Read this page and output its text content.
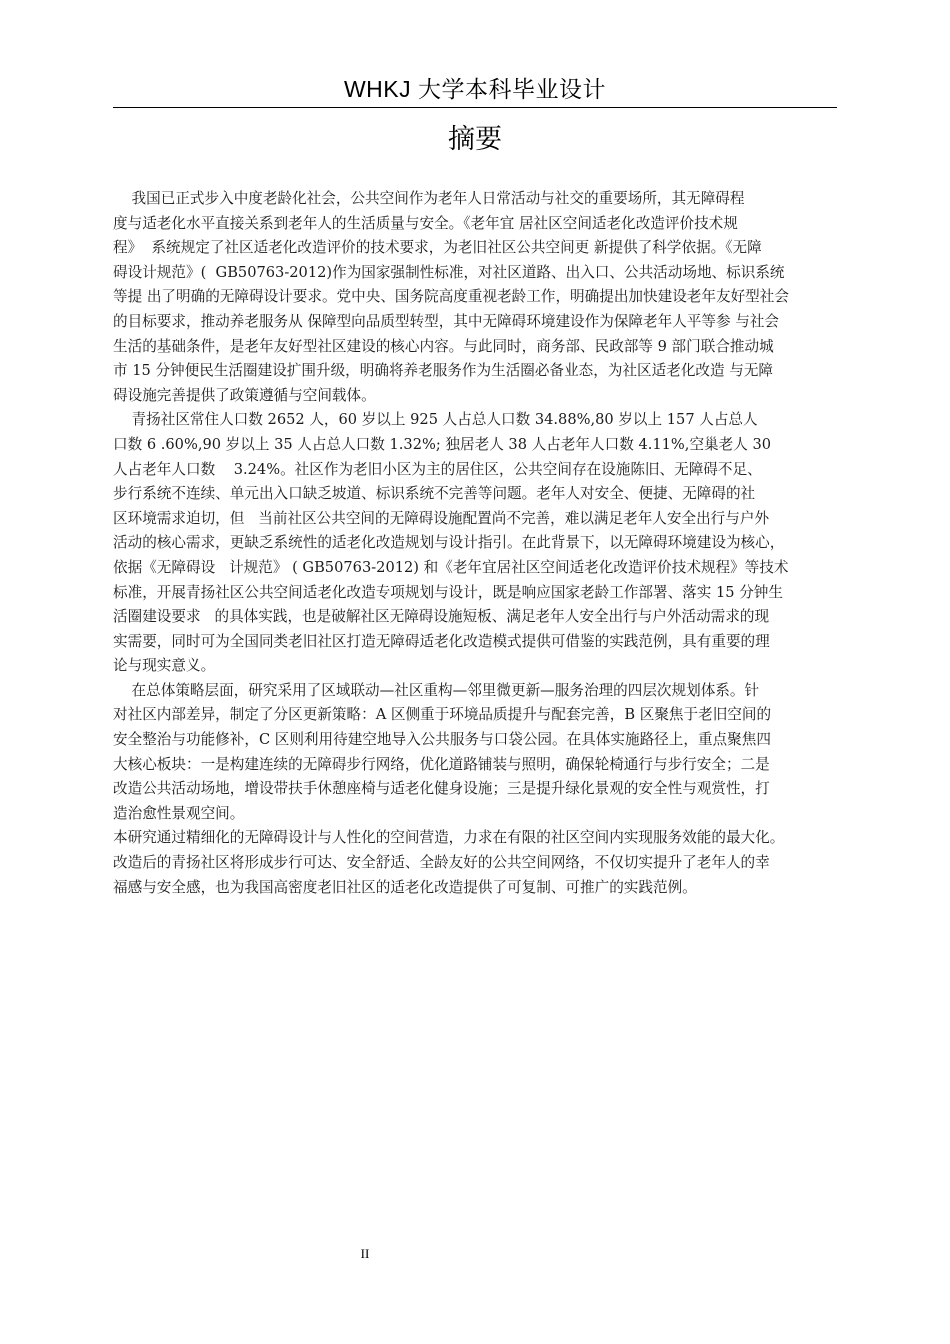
WHKJ 大学本科毕业设计
摘要
我国已正式步入中度老龄化社会，公共空间作为老年人日常活动与社交的重要场所，其无障碍程
度与适老化水平直接关系到老年人的生活质量与安全。《老年宜 居社区空间适老化改造评价技术规
程》  系统规定了社区适老化改造评价的技术要求，为老旧社区公共空间更 新提供了科学依据。《无障
碍设计规范》(  GB50763-2012)作为国家强制性标准，对社区道路、出入口、公共活动场地、标识系统
等提 出了明确的无障碍设计要求。党中央、国务院高度重视老龄工作，明确提出加快建设老年友好型社会
的目标要求，推动养老服务从 保障型向品质型转型，其中无障碍环境建设作为保障老年人平等参 与社会
生活的基础条件，是老年友好型社区建设的核心内容。与此同时，商务部、民政部等 9 部门联合推动城
市 15 分钟便民生活圈建设扩围升级，明确将养老服务作为生活圈必备业态，为社区适老化改造 与无障
碍设施完善提供了政策遵循与空间载体。
青扬社区常住人口数 2652 人，60 岁以上 925 人占总人口数 34.88%,80 岁以上 157 人占总人
口数 6 .60%,90 岁以上 35 人占总人口数 1.32%; 独居老人 38 人占老年人口数 4.11%,空巢老人 30
人占老年人口数    3.24%。社区作为老旧小区为主的居住区，公共空间存在设施陈旧、无障碍不足、
步行系统不连续、单元出入口缺乏坡道、标识系统不完善等问题。老年人对安全、便捷、无障碍的社
区环境需求迫切，但   当前社区公共空间的无障碍设施配置尚不完善，难以满足老年人安全出行与户外
活动的核心需求，更缺乏系统性的适老化改造规划与设计指引。在此背景下，以无障碍环境建设为核心，
依据《无障碍设   计规范》 ( GB50763-2012) 和《老年宜居社区空间适老化改造评价技术规程》等技术
标准，开展青扬社区公共空间适老化改造专项规划与设计，既是响应国家老龄工作部署、落实 15 分钟生
活圈建设要求   的具体实践，也是破解社区无障碍设施短板、满足老年人安全出行与户外活动需求的现
实需要，同时可为全国同类老旧社区打造无障碍适老化改造模式提供可借鉴的实践范例，具有重要的理
论与现实意义。
在总体策略层面，研究采用了区域联动—社区重构—邻里微更新—服务治理的四层次规划体系。针
对社区内部差异，制定了分区更新策略：A 区侧重于环境品质提升与配套完善，B 区聚焦于老旧空间的
安全整治与功能修补，C 区则利用待建空地导入公共服务与口袋公园。在具体实施路径上，重点聚焦四
大核心板块：一是构建连续的无障碍步行网络，优化道路铺装与照明，确保轮椅通行与步行安全；二是
改造公共活动场地，增设带扶手休憩座椅与适老化健身设施；三是提升绿化景观的安全性与观赏性，打
造治愈性景观空间。
本研究通过精细化的无障碍设计与人性化的空间营造，力求在有限的社区空间内实现服务效能的最大化。
改造后的青扬社区将形成步行可达、安全舒适、全龄友好的公共空间网络，不仅切实提升了老年人的幸
福感与安全感，也为我国高密度老旧社区的适老化改造提供了可复制、可推广的实践范例。
II
